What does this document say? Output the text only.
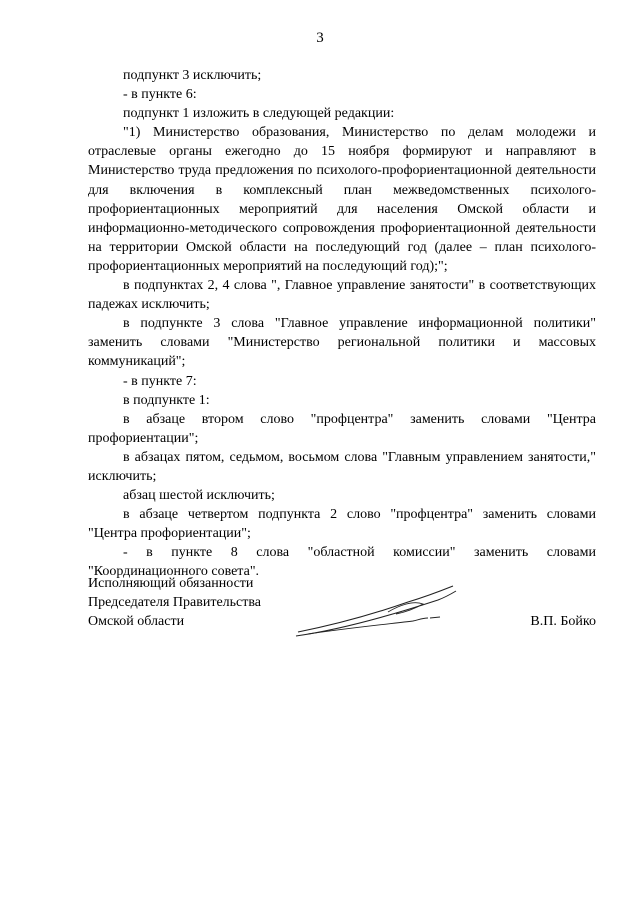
3

подпункт 3 исключить;

- в пункте 6:

подпункт 1 изложить в следующей редакции:

"1) Министерство образования, Министерство по делам молодежи и отраслевые органы ежегодно до 15 ноября формируют и направляют в Министерство труда предложения по психолого-профориентационной деятельности для включения в комплексный план межведомственных психолого-профориентационных мероприятий для населения Омской области и информационно-методического сопровождения профориентационной деятельности на территории Омской области на последующий год (далее – план психолого-профориентационных мероприятий на последующий год);";

в подпунктах 2, 4 слова ", Главное управление занятости" в соответствующих падежах исключить;

в подпункте 3 слова "Главное управление информационной политики" заменить словами "Министерство региональной политики и массовых коммуникаций";

- в пункте 7:

в подпункте 1:

в абзаце втором слово "профцентра" заменить словами "Центра профориентации";

в абзацах пятом, седьмом, восьмом слова "Главным управлением занятости," исключить;

абзац шестой исключить;

в абзаце четвертом подпункта 2 слово "профцентра" заменить словами "Центра профориентации";

- в пункте 8 слова "областной комиссии" заменить словами "Координационного совета".

Исполняющий обязанности
Председателя Правительства
Омской области	В.П. Бойко
